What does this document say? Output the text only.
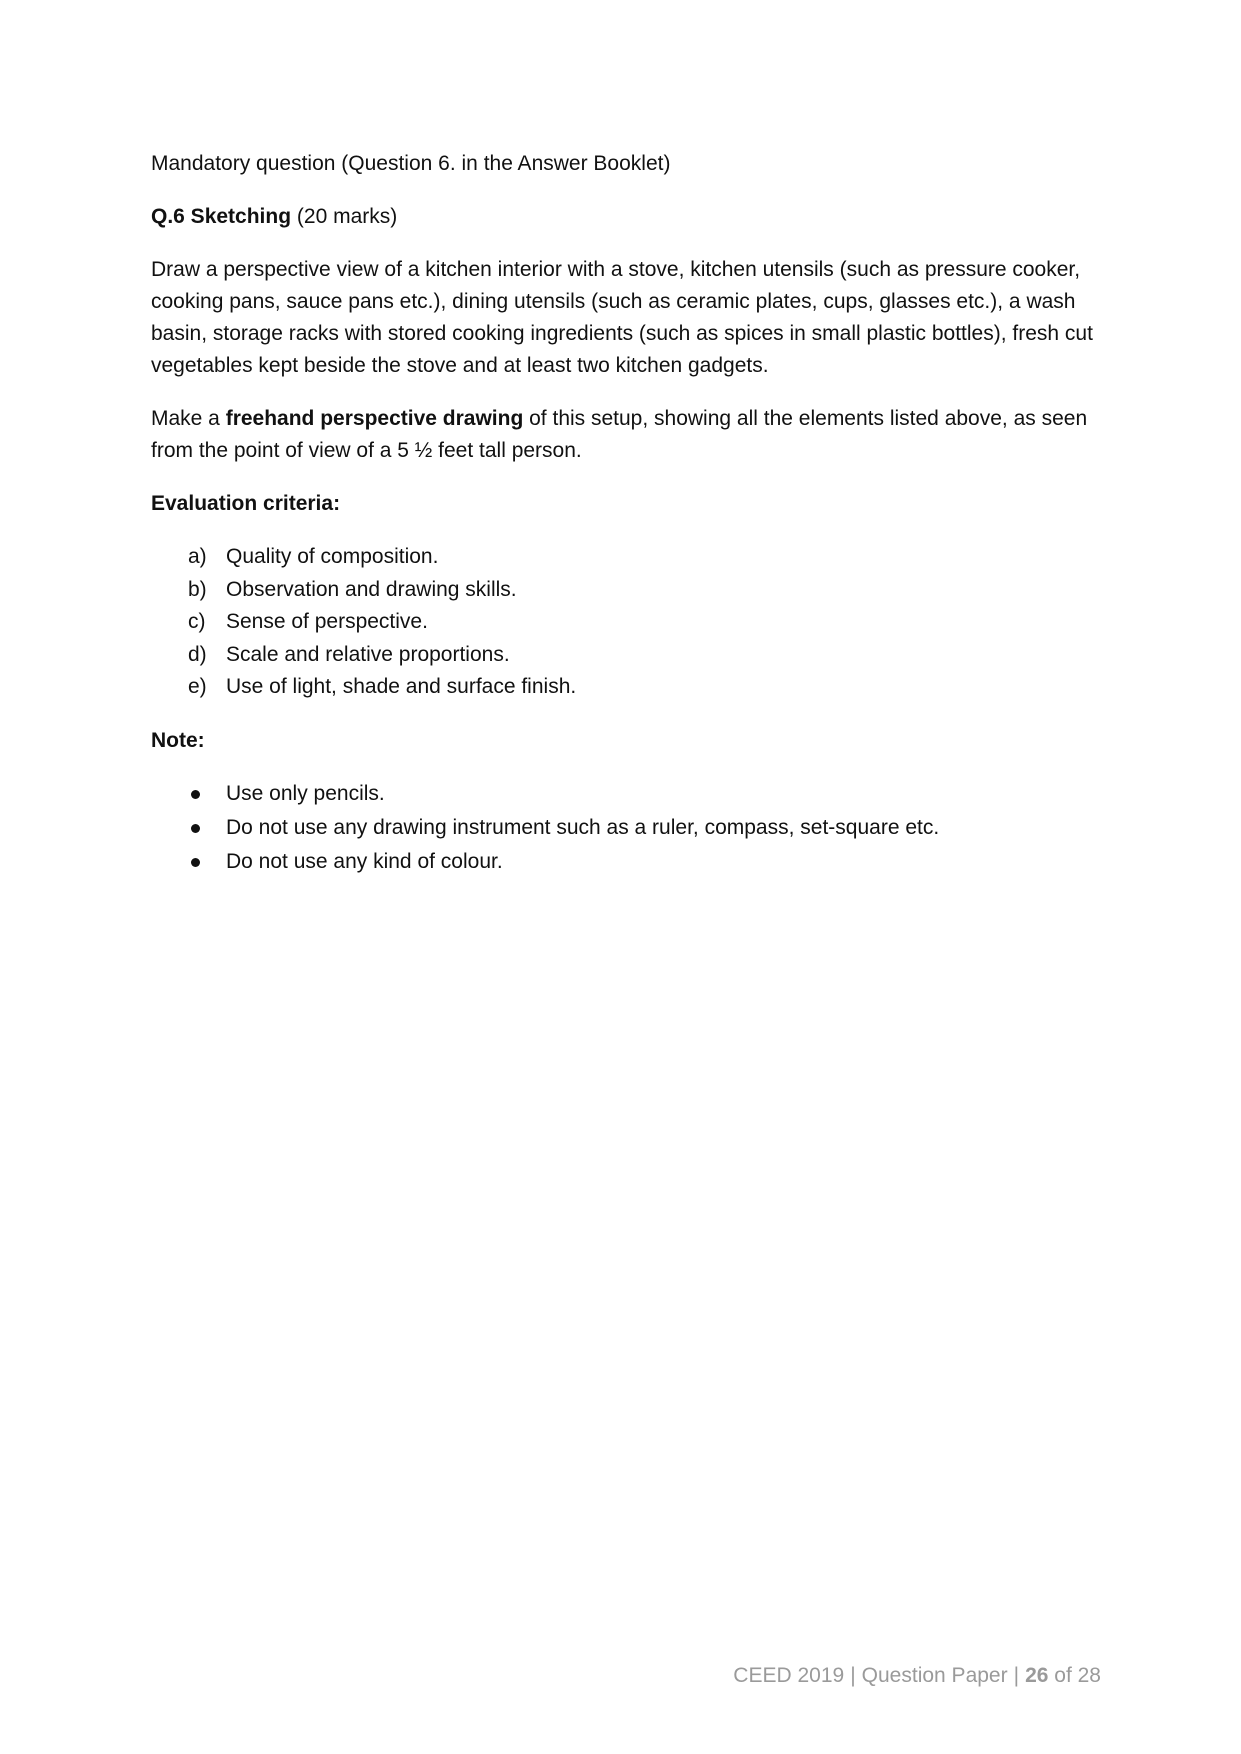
Mandatory question (Question 6. in the Answer Booklet)

Q.6 Sketching (20 marks)

Draw a perspective view of a kitchen interior with a stove, kitchen utensils (such as pressure cooker, cooking pans, sauce pans etc.), dining utensils (such as ceramic plates, cups, glasses etc.), a wash basin, storage racks with stored cooking ingredients (such as spices in small plastic bottles), fresh cut vegetables kept beside the stove and at least two kitchen gadgets.

Make a freehand perspective drawing of this setup, showing all the elements listed above, as seen from the point of view of a 5 ½ feet tall person.

Evaluation criteria:

a) Quality of composition.
b) Observation and drawing skills.
c) Sense of perspective.
d) Scale and relative proportions.
e) Use of light, shade and surface finish.

Note:

Use only pencils.
Do not use any drawing instrument such as a ruler, compass, set-square etc.
Do not use any kind of colour.
CEED 2019 | Question Paper | 26 of 28
